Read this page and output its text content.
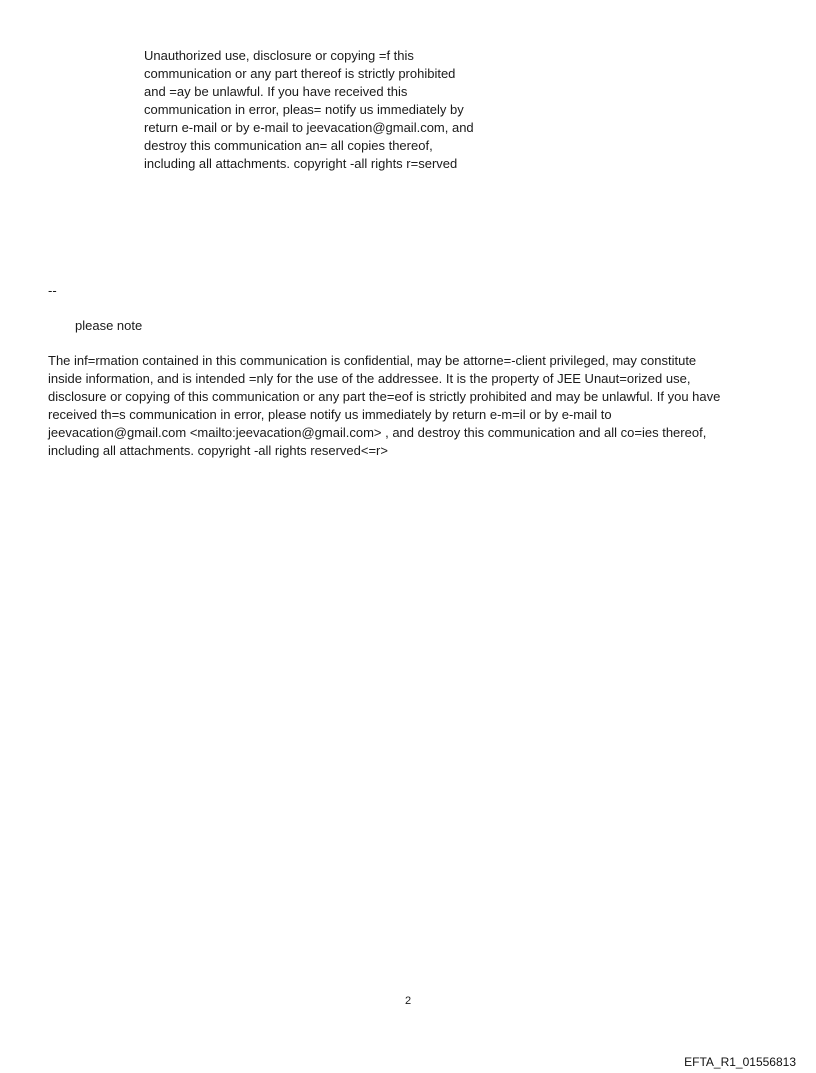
Unauthorized use, disclosure or copying =f this
communication or any part thereof is strictly prohibited
and =ay be unlawful. If you have received this
communication in error, pleas= notify us immediately by
return e-mail or by e-mail to jeevacation@gmail.com, and
destroy this communication an= all copies thereof,
including all attachments. copyright -all rights r=served
--
please note
The inf=rmation contained in this communication is confidential, may be attorne=-client privileged, may constitute
inside information, and is intended =nly for the use of the addressee. It is the property of JEE Unaut=orized use,
disclosure or copying of this communication or any part the=eof is strictly prohibited and may be unlawful. If you have
received th=s communication in error, please notify us immediately by return e-m=il or by e-mail to
jeevacation@gmail.com <mailto:jeevacation@gmail.com> , and destroy this communication and all co=ies thereof,
including all attachments. copyright -all rights reserved<=r>
2
EFTA_R1_01556813
